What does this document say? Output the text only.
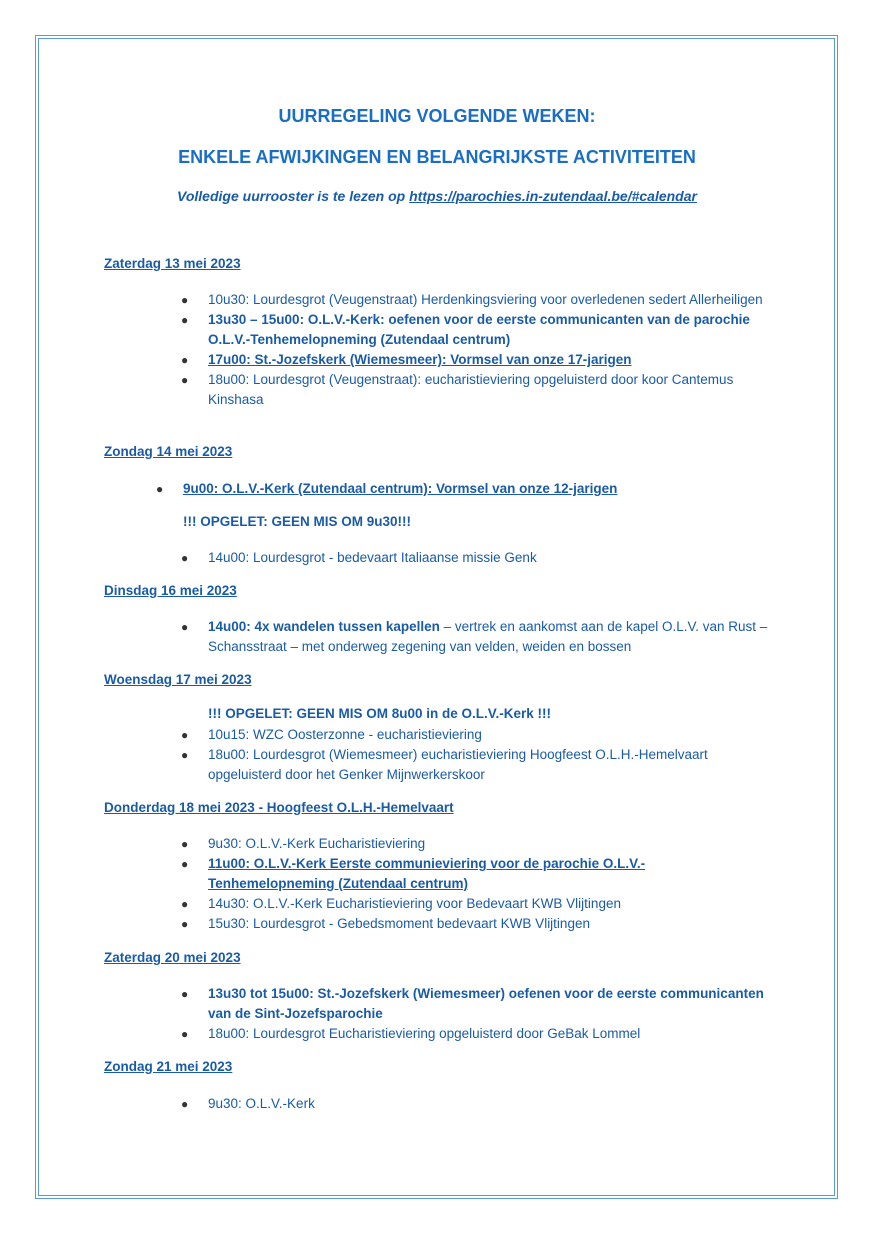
UURREGELING VOLGENDE WEKEN:
ENKELE AFWIJKINGEN EN BELANGRIJKSTE ACTIVITEITEN
Volledige uurrooster is te lezen op https://parochies.in-zutendaal.be/#calendar
Zaterdag 13 mei 2023
● 10u30: Lourdesgrot (Veugenstraat) Herdenkingsviering voor overledenen sedert Allerheiligen
● 13u30 – 15u00: O.L.V.-Kerk: oefenen voor de eerste communicanten van de parochie O.L.V.-Tenhemelopneming (Zutendaal centrum)
● 17u00: St.-Jozefskerk (Wiemesmeer): Vormsel van onze 17-jarigen
● 18u00: Lourdesgrot (Veugenstraat): eucharistieviering opgeluisterd door koor Cantemus Kinshasa
Zondag 14 mei 2023
● 9u00: O.L.V.-Kerk (Zutendaal centrum): Vormsel van onze 12-jarigen
!!! OPGELET: GEEN MIS OM 9u30!!!
● 14u00: Lourdesgrot - bedevaart Italiaanse missie Genk
Dinsdag 16 mei 2023
● 14u00: 4x wandelen tussen kapellen – vertrek en aankomst aan de kapel O.L.V. van Rust – Schansstraat – met onderweg zegening van velden, weiden en bossen
Woensdag 17 mei 2023
!!! OPGELET: GEEN MIS OM 8u00 in de O.L.V.-Kerk !!!
● 10u15: WZC Oosterzonne - eucharistieviering
● 18u00: Lourdesgrot (Wiemesmeer) eucharistieviering Hoogfeest O.L.H.-Hemelvaart opgeluisterd door het Genker Mijnwerkerskoor
Donderdag 18 mei 2023 - Hoogfeest O.L.H.-Hemelvaart
● 9u30: O.L.V.-Kerk Eucharistieviering
● 11u00: O.L.V.-Kerk Eerste communieviering voor de parochie O.L.V.-Tenhemelopneming (Zutendaal centrum)
● 14u30: O.L.V.-Kerk Eucharistieviering voor Bedevaart KWB Vlijtingen
● 15u30: Lourdesgrot - Gebedsmoment bedevaart KWB Vlijtingen
Zaterdag 20 mei 2023
● 13u30 tot 15u00: St.-Jozefskerk (Wiemesmeer) oefenen voor de eerste communicanten van de Sint-Jozefsparochie
● 18u00: Lourdesgrot Eucharistieviering opgeluisterd door GeBak Lommel
Zondag 21 mei 2023
● 9u30: O.L.V.-Kerk
